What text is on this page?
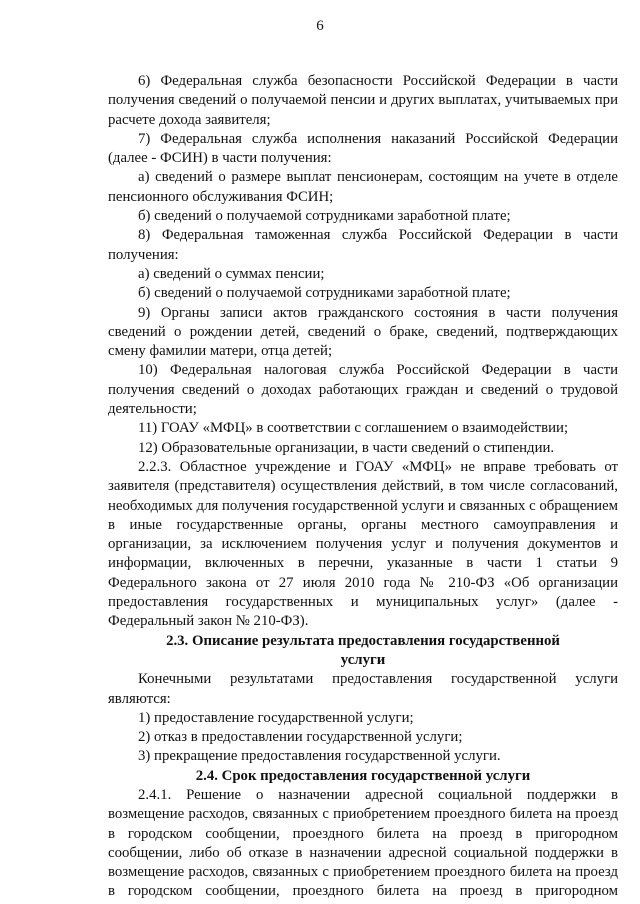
6

6) Федеральная служба безопасности Российской Федерации в части получения сведений о получаемой пенсии и других выплатах, учитываемых при расчете дохода заявителя;

7) Федеральная служба исполнения наказаний Российской Федерации (далее - ФСИН) в части получения:

а) сведений о размере выплат пенсионерам, состоящим на учете в отделе пенсионного обслуживания ФСИН;

б) сведений о получаемой сотрудниками заработной плате;

8) Федеральная таможенная служба Российской Федерации в части получения:

а) сведений о суммах пенсии;

б) сведений о получаемой сотрудниками заработной плате;

9) Органы записи актов гражданского состояния в части получения сведений о рождении детей, сведений о браке, сведений, подтверждающих смену фамилии матери, отца детей;

10) Федеральная налоговая служба Российской Федерации в части получения сведений о доходах работающих граждан и сведений о трудовой деятельности;

11) ГОАУ «МФЦ» в соответствии с соглашением о взаимодействии;

12) Образовательные организации, в части сведений о стипендии.

2.2.3. Областное учреждение и ГОАУ «МФЦ» не вправе требовать от заявителя (представителя) осуществления действий, в том числе согласований, необходимых для получения государственной услуги и связанных с обращением в иные государственные органы, органы местного самоуправления и организации, за исключением получения услуг и получения документов и информации, включенных в перечни, указанные в части 1 статьи 9 Федерального закона от 27 июля 2010 года № 210-ФЗ «Об организации предоставления государственных и муниципальных услуг» (далее - Федеральный закон № 210-ФЗ).

2.3. Описание результата предоставления государственной
услуги

Конечными результатами предоставления государственной услуги являются:

1) предоставление государственной услуги;

2) отказ в предоставлении государственной услуги;

3) прекращение предоставления государственной услуги.

2.4. Срок предоставления государственной услуги

2.4.1. Решение о назначении адресной социальной поддержки в возмещение расходов, связанных с приобретением проездного билета на проезд в городском сообщении, проездного билета на проезд в пригородном сообщении, либо об отказе в назначении адресной социальной поддержки в возмещение расходов, связанных с приобретением проездного билета на проезд в городском сообщении, проездного билета на проезд в пригородном
